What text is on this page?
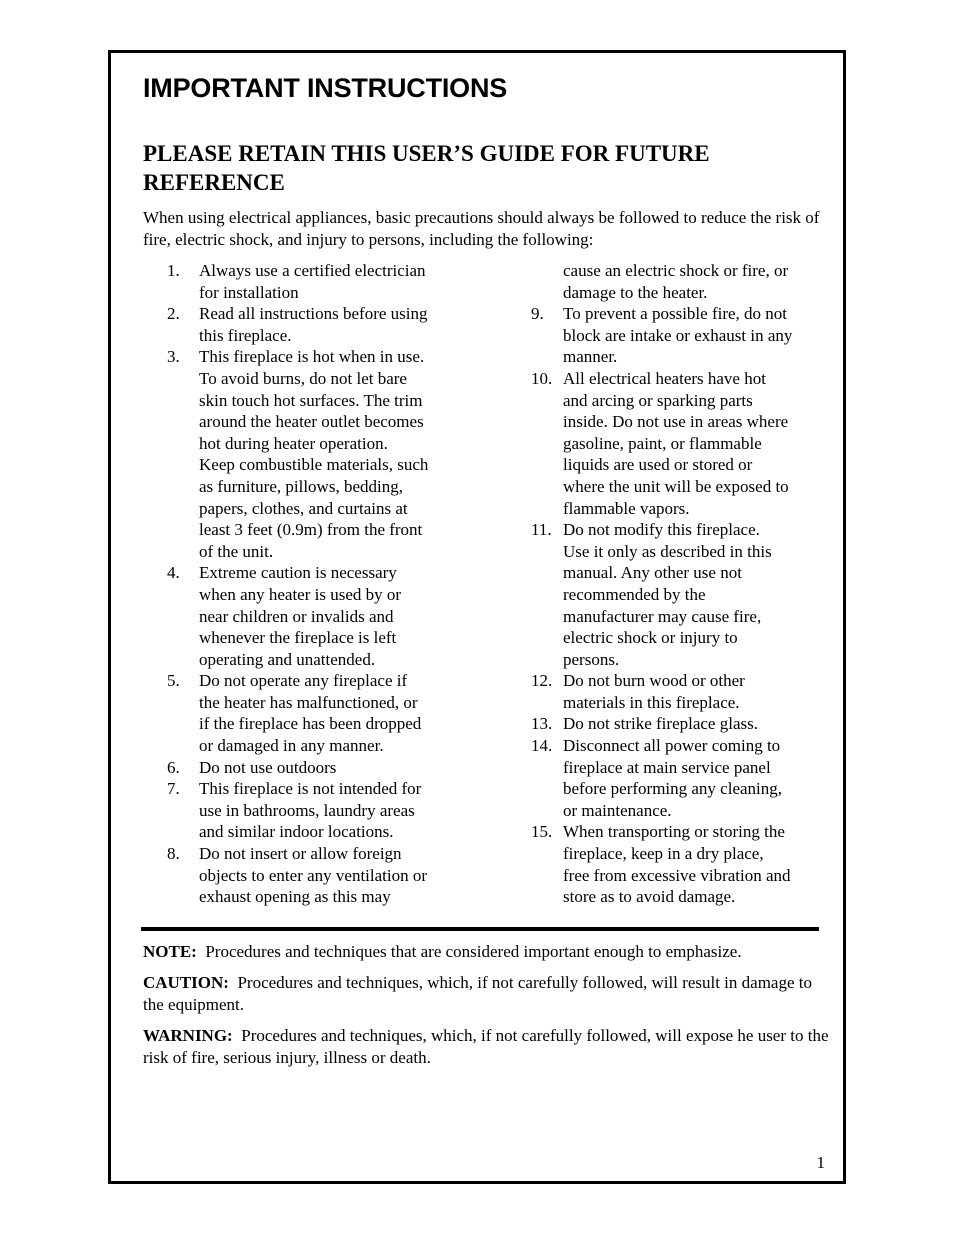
IMPORTANT INSTRUCTIONS
PLEASE RETAIN THIS USER’S GUIDE FOR FUTURE REFERENCE

When using electrical appliances, basic precautions should always be followed to reduce the risk of fire, electric shock, and injury to persons, including the following:

1. Always use a certified electrician
for installation
2. Read all instructions before using
this fireplace.
3. This fireplace is hot when in use.
To avoid burns, do not let bare
skin touch hot surfaces. The trim
around the heater outlet becomes
hot during heater operation.
Keep combustible materials, such
as furniture, pillows, bedding,
papers, clothes, and curtains at
least 3 feet (0.9m) from the front
of the unit.
4. Extreme caution is necessary
when any heater is used by or
near children or invalids and
whenever the fireplace is left
operating and unattended.
5. Do not operate any fireplace if
the heater has malfunctioned, or
if the fireplace has been dropped
or damaged in any manner.
6. Do not use outdoors
7. This fireplace is not intended for
use in bathrooms, laundry areas
and similar indoor locations.
8. Do not insert or allow foreign
objects to enter any ventilation or
exhaust opening as this may
cause an electric shock or fire, or
damage to the heater.
9. To prevent a possible fire, do not
block are intake or exhaust in any
manner.
10. All electrical heaters have hot
and arcing or sparking parts
inside. Do not use in areas where
gasoline, paint, or flammable
liquids are used or stored or
where the unit will be exposed to
flammable vapors.
11. Do not modify this fireplace.
Use it only as described in this
manual. Any other use not
recommended by the
manufacturer may cause fire,
electric shock or injury to
persons.
12. Do not burn wood or other
materials in this fireplace.
13. Do not strike fireplace glass.
14. Disconnect all power coming to
fireplace at main service panel
before performing any cleaning,
or maintenance.
15. When transporting or storing the
fireplace, keep in a dry place,
free from excessive vibration and
store as to avoid damage.

NOTE: Procedures and techniques that are considered important enough to emphasize.

CAUTION: Procedures and techniques, which, if not carefully followed, will result in damage to the equipment.

WARNING: Procedures and techniques, which, if not carefully followed, will expose he user to the risk of fire, serious injury, illness or death.

1
